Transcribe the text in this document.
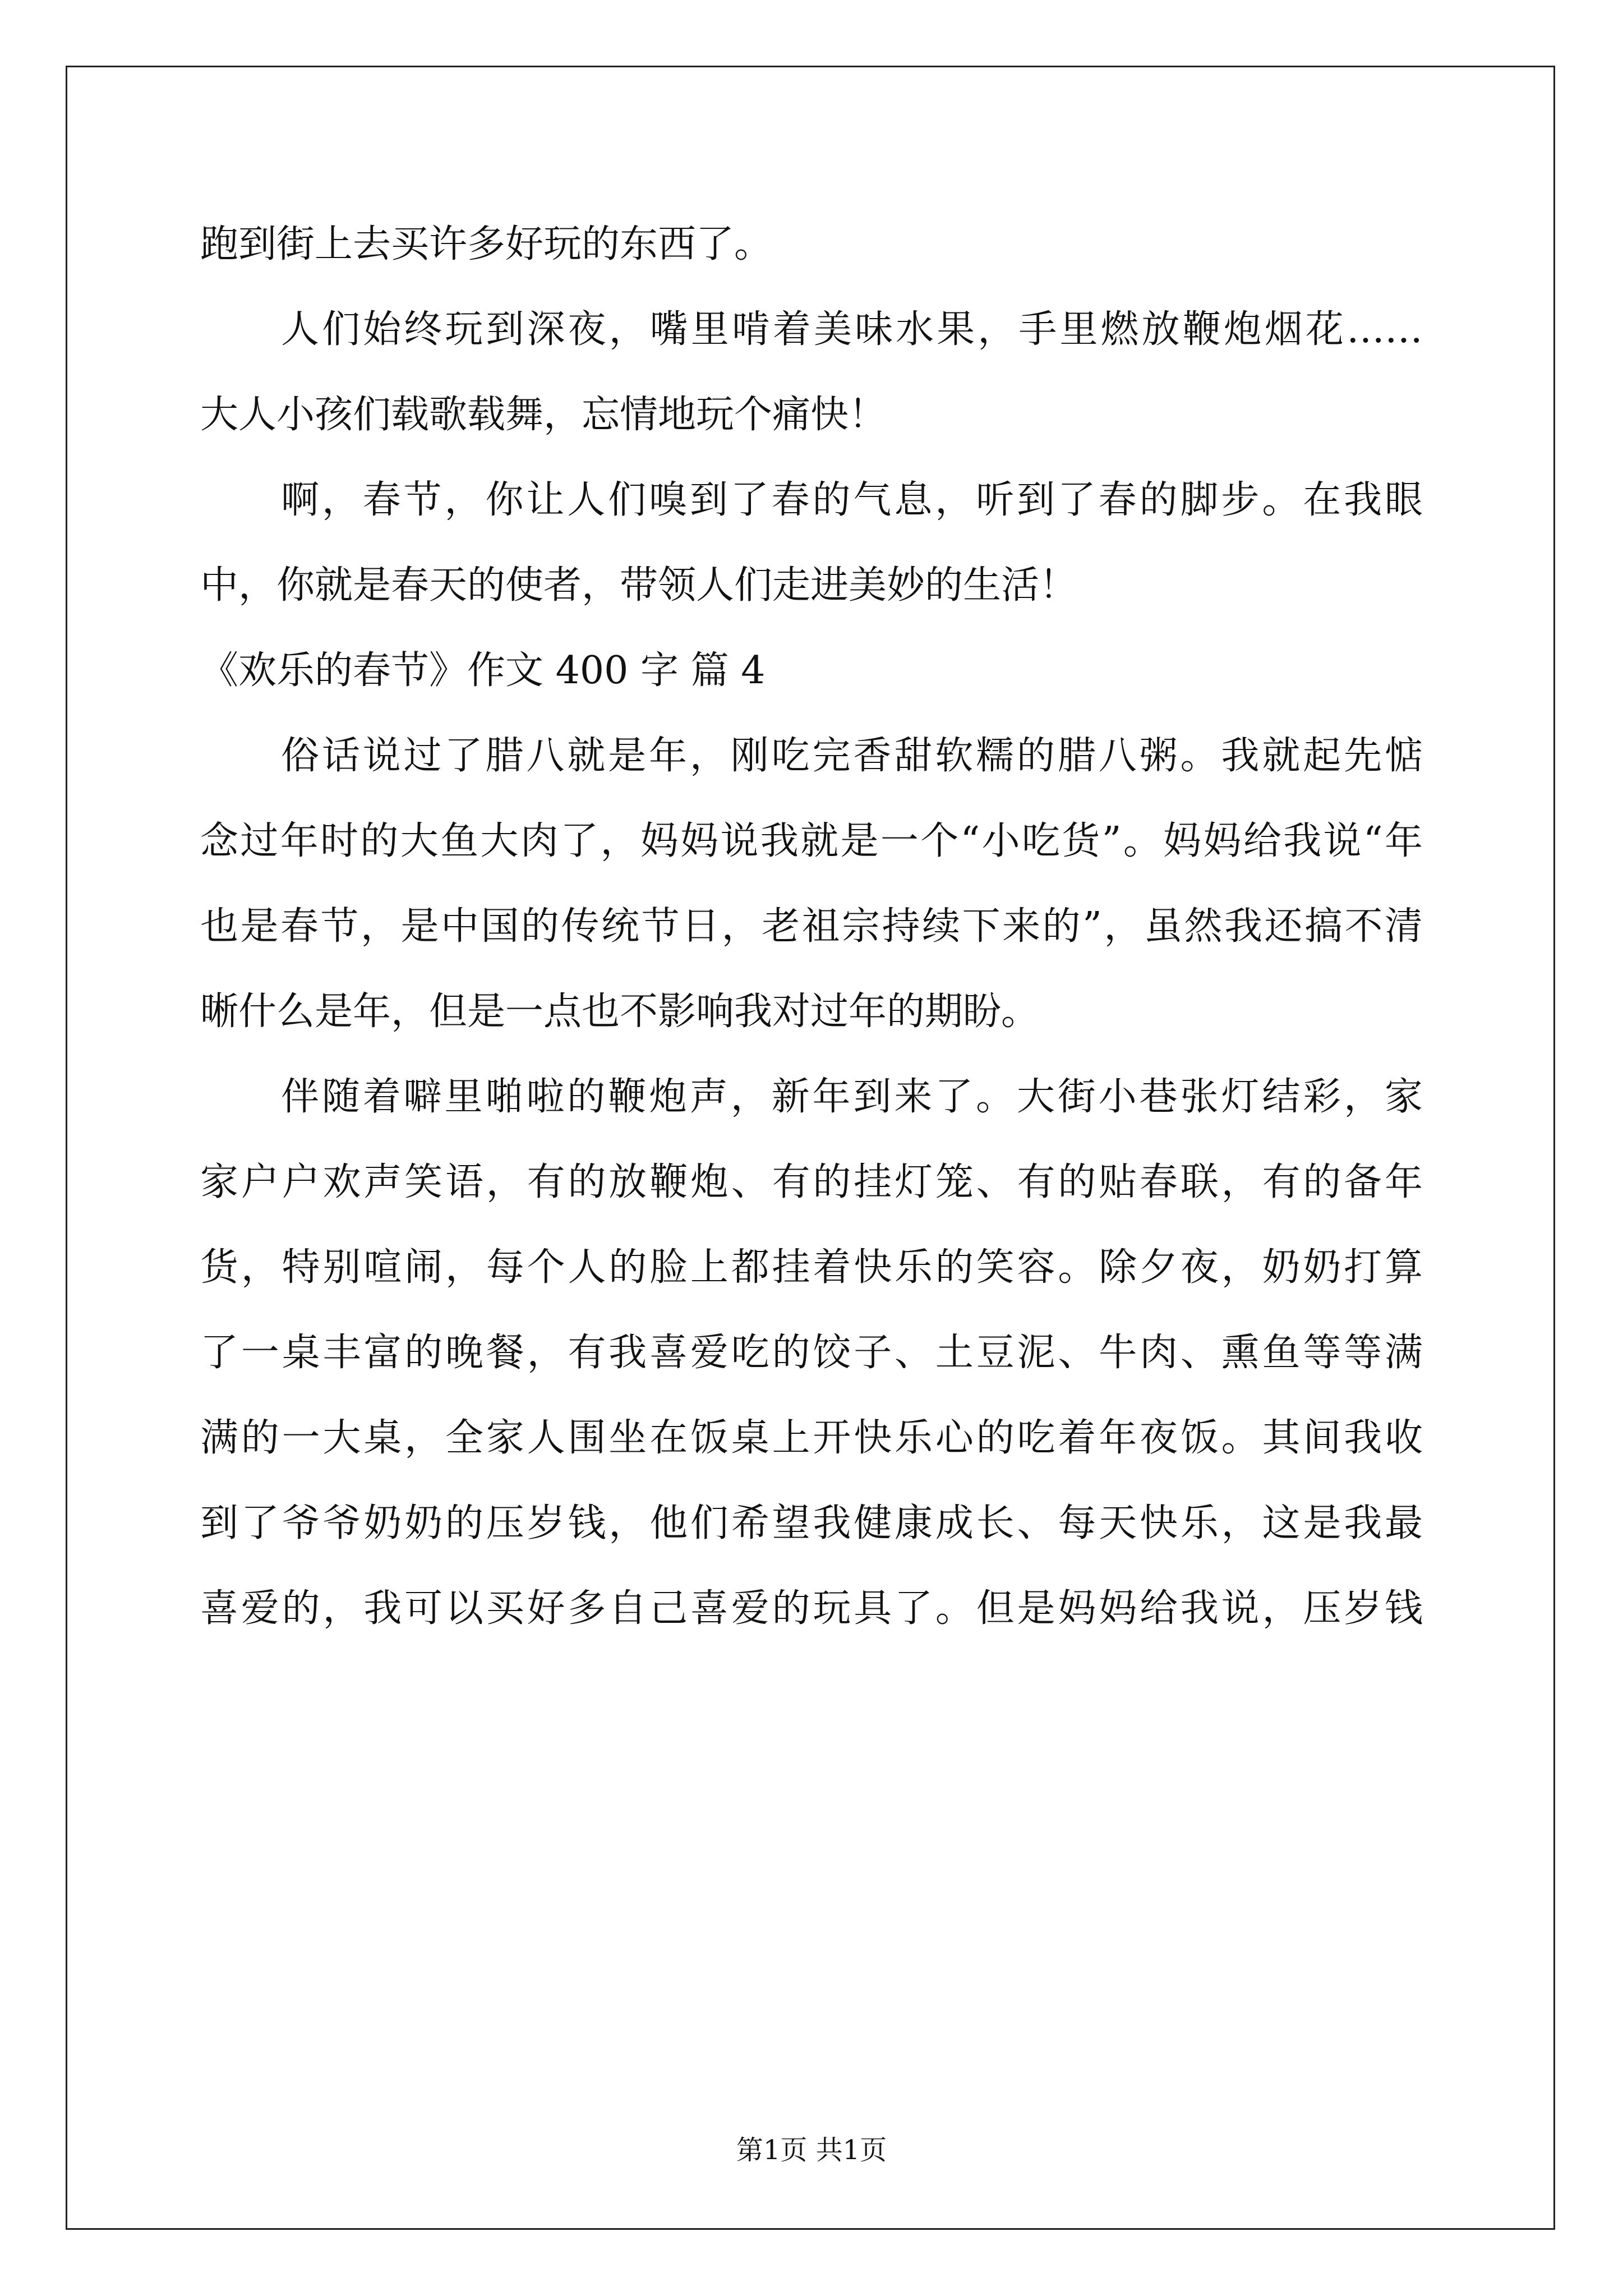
跑到街上去买许多好玩的东西了。
人们始终玩到深夜，嘴里啃着美味水果，手里燃放鞭炮烟花……
大人小孩们载歌载舞，忘情地玩个痛快！
啊，春节，你让人们嗅到了春的气息，听到了春的脚步。在我眼
中，你就是春天的使者，带领人们走进美妙的生活！
《欢乐的春节》作文 400 字 篇 4
俗话说过了腊八就是年，刚吃完香甜软糯的腊八粥。我就起先惦
念过年时的大鱼大肉了，妈妈说我就是一个“小吃货”。妈妈给我说“年
也是春节，是中国的传统节日，老祖宗持续下来的”，虽然我还搞不清
晰什么是年，但是一点也不影响我对过年的期盼。
伴随着噼里啪啦的鞭炮声，新年到来了。大街小巷张灯结彩，家
家户户欢声笑语，有的放鞭炮、有的挂灯笼、有的贴春联，有的备年
货，特别喧闹，每个人的脸上都挂着快乐的笑容。除夕夜，奶奶打算
了一桌丰富的晚餐，有我喜爱吃的饺子、土豆泥、牛肉、熏鱼等等满
满的一大桌，全家人围坐在饭桌上开快乐心的吃着年夜饭。其间我收
到了爷爷奶奶的压岁钱，他们希望我健康成长、每天快乐，这是我最
喜爱的，我可以买好多自己喜爱的玩具了。但是妈妈给我说，压岁钱
第1页 共1页
